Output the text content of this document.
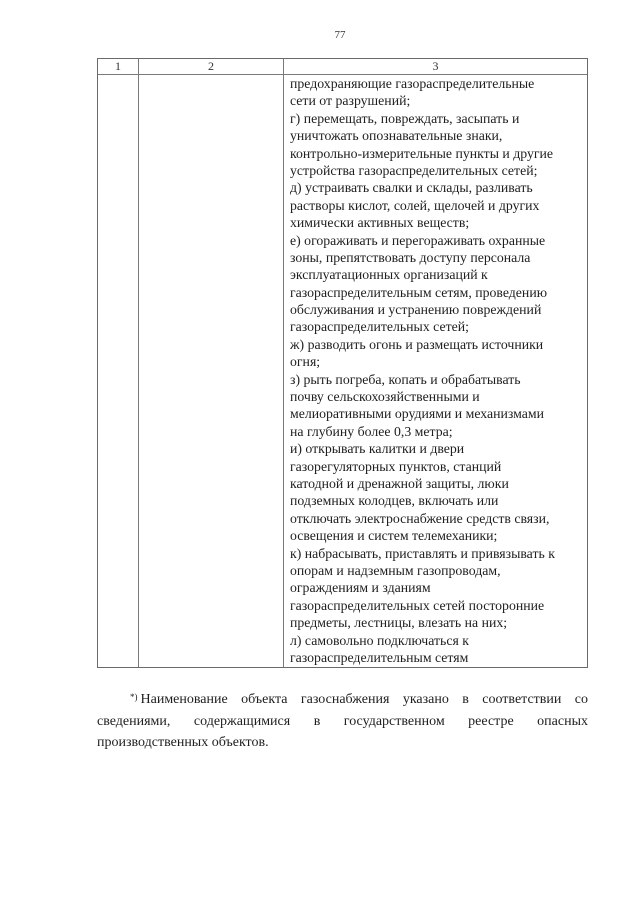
77
1	2	3
предохраняющие газораспределительные
сети от разрушений;
г) перемещать, повреждать, засыпать и
уничтожать опознавательные знаки,
контрольно-измерительные пункты и другие
устройства газораспределительных сетей;
д) устраивать свалки и склады, разливать
растворы кислот, солей, щелочей и других
химически активных веществ;
е) огораживать и перегораживать охранные
зоны, препятствовать доступу персонала
эксплуатационных организаций к
газораспределительным сетям, проведению
обслуживания и устранению повреждений
газораспределительных сетей;
ж) разводить огонь и размещать источники
огня;
з) рыть погреба, копать и обрабатывать
почву сельскохозяйственными и
мелиоративными орудиями и механизмами
на глубину более 0,3 метра;
и) открывать калитки и двери
газорегуляторных пунктов, станций
катодной и дренажной защиты, люки
подземных колодцев, включать или
отключать электроснабжение средств связи,
освещения и систем телемеханики;
к) набрасывать, приставлять и привязывать к
опорам и надземным газопроводам,
ограждениям и зданиям
газораспределительных сетей посторонние
предметы, лестницы, влезать на них;
л) самовольно подключаться к
газораспределительным сетям
*) Наименование объекта газоснабжения указано в соответствии со
сведениями, содержащимися в государственном реестре опасных
производственных объектов.
